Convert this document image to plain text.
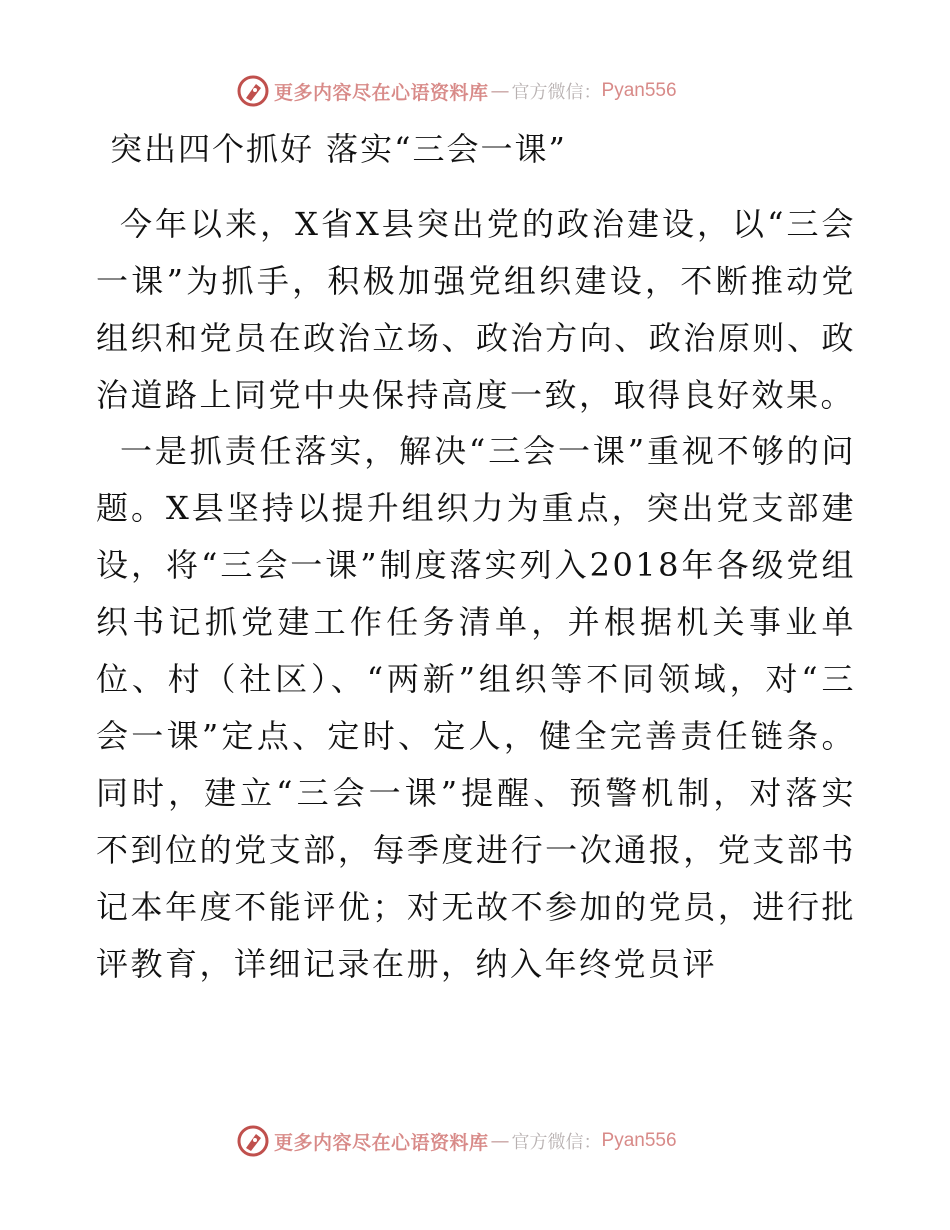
更多内容尽在心语资料库 — 官方微信： Pyan556
突出四个抓好 落实“三会一课”

今年以来，X省X县突出党的政治建设，以“三会一课”为抓手，积极加强党组织建设，不断推动党组织和党员在政治立场、政治方向、政治原则、政治道路上同党中央保持高度一致，取得良好效果。

一是抓责任落实，解决“三会一课”重视不够的问题。X县坚持以提升组织力为重点，突出党支部建设，将“三会一课”制度落实列入2018年各级党组织书记抓党建工作任务清单，并根据机关事业单位、村（社区）、“两新”组织等不同领域，对“三会一课”定点、定时、定人，健全完善责任链条。同时，建立“三会一课”提醒、预警机制，对落实不到位的党支部，每季度进行一次通报，党支部书记本年度不能评优；对无故不参加的党员，进行批评教育，详细记录在册，纳入年终党员评

更多内容尽在心语资料库 — 官方微信： Pyan556
